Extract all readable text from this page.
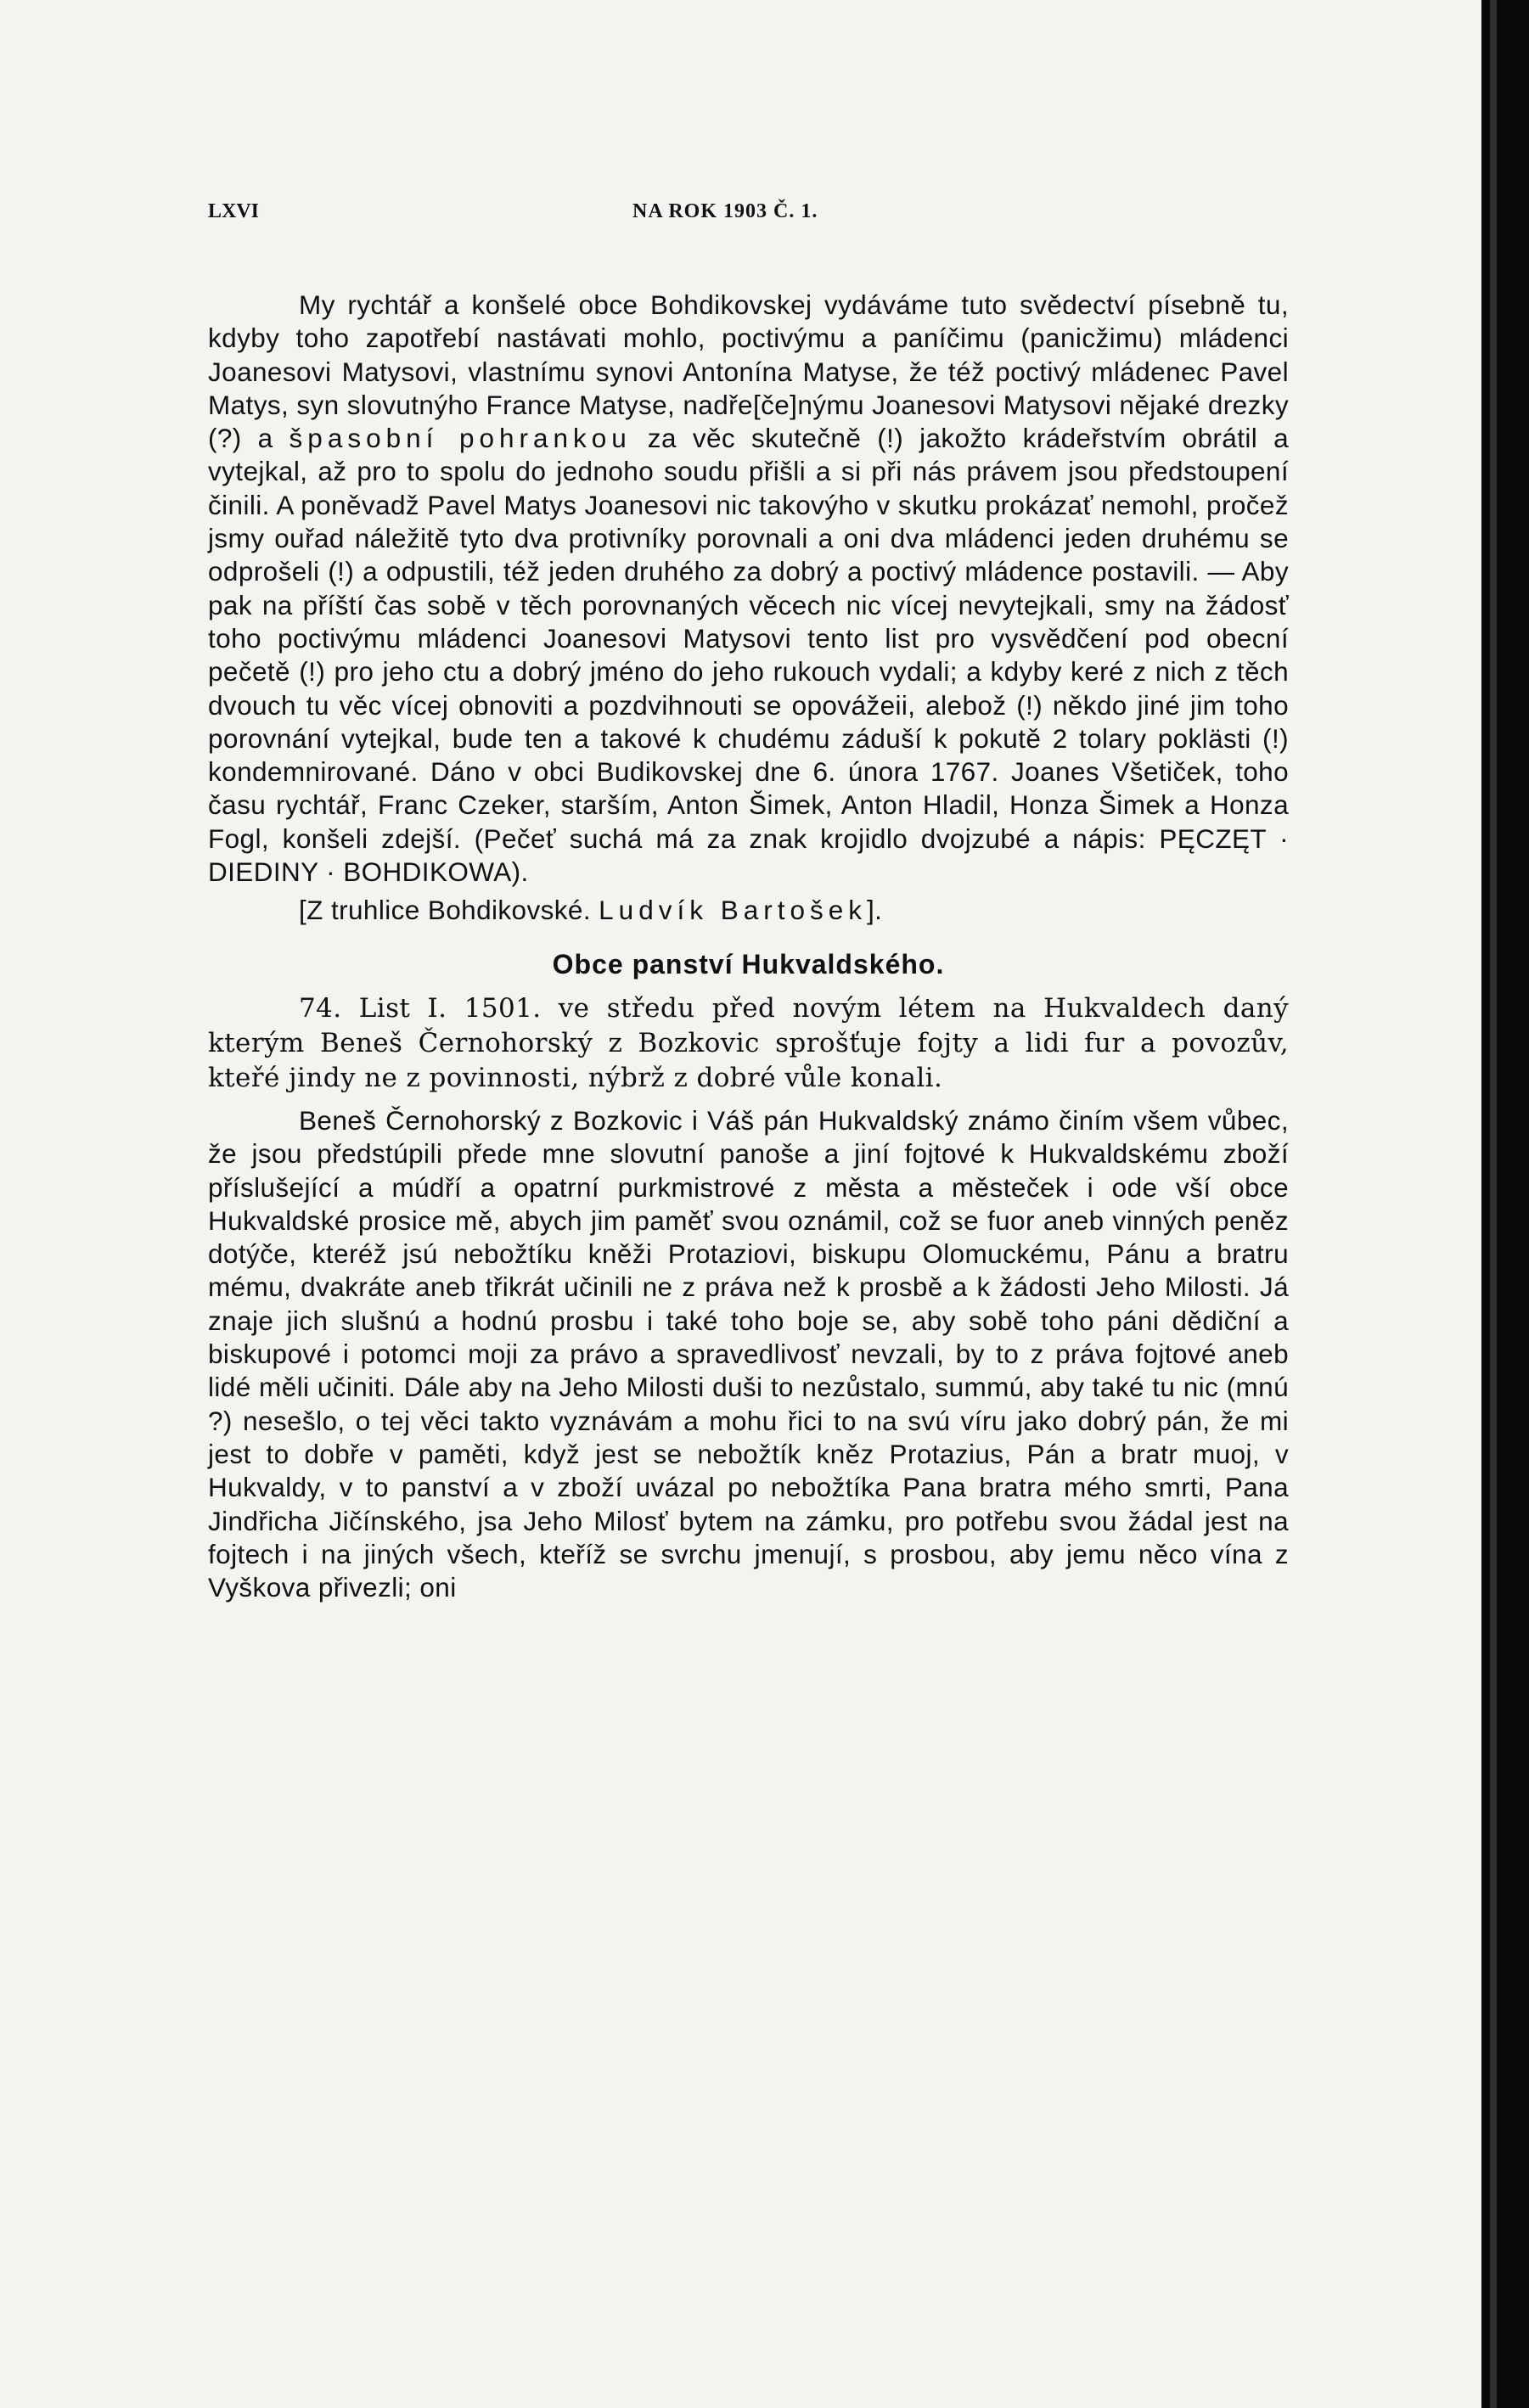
LXVI	NA ROK 1903 Č. 1.

My rychtář a konšelé obce Bohdikovskej vydáváme tuto svědectví písebně tu, kdyby toho zapotřebí nastávati mohlo, poctivýmu a paníčimu (panicžimu) mládenci Joanesovi Matysovi, vlastnímu synovi Antonína Matyse, že též poctivý mládenec Pavel Matys, syn slovutnýho France Matyse, nadře[če]nýmu Joanesovi Matysovi nějaké drezky (?) a špasobní pohrankou za věc skutečně (!) jakožto krádeřstvím obrátil a vytejkal, až pro to spolu do jednoho soudu přišli a si při nás právem jsou předstoupení činili. A poněvadž Pavel Matys Joanesovi nic takovýho v skutku prokázať nemohl, pročež jsmy ouřad náležitě tyto dva protivníky porovnali a oni dva mládenci jeden druhému se odprošeli (!) a odpustili, též jeden druhého za dobrý a poctivý mládence postavili. — Aby pak na příští čas sobě v těch porovnaných věcech nic vícej nevytejkali, smy na žádosť toho poctivýmu mládenci Joanesovi Matysovi tento list pro vysvědčení pod obecní pečetě (!) pro jeho ctu a dobrý jméno do jeho rukouch vydali; a kdyby keré z nich z těch dvouch tu věc vícej obnoviti a pozdvihnouti se opovážeii, alebož (!) někdo jiné jim toho porovnání vytejkal, bude ten a takové k chudému záduší k pokutě 2 tolary poklästi (!) kondemnirované. Dáno v obci Budikovskej dne 6. února 1767. Joanes Všetiček, toho času rychtář, Franc Czeker, starším, Anton Šimek, Anton Hladil, Honza Šimek a Honza Fogl, konšeli zdejší. (Pečeť suchá má za znak krojidlo dvojzubé a nápis: PĘCZĘT · DIEDINY · BOHDIKOWA).

[Z truhlice Bohdikovské. Ludvík Bartošek].

Obce panství Hukvaldského.

74. List I. 1501. ve středu před novým létem na Hukvaldech daný kterým Beneš Černohorský z Bozkovic sprošťuje fojty a lidi fur a povozův, kteřé jindy ne z povinnosti, nýbrž z dobré vůle konali.

Beneš Černohorský z Bozkovic i Váš pán Hukvaldský známo činím všem vůbec, že jsou předstúpili přede mne slovutní panoše a jiní fojtové k Hukvaldskému zboží příslušející a múdří a opatrní purkmistrové z města a městeček i ode vší obce Hukvaldské prosice mě, abych jim paměť svou oznámil, což se fuor aneb vinných peněz dotýče, kteréž jsú nebožtíku kněži Protaziovi, biskupu Olomuckému, Pánu a bratru mému, dvakráte aneb třikrát učinili ne z práva než k prosbě a k žádosti Jeho Milosti. Já znaje jich slušnú a hodnú prosbu i také toho boje se, aby sobě toho páni dědiční a biskupové i potomci moji za právo a spravedlivosť nevzali, by to z práva fojtové aneb lidé měli učiniti. Dále aby na Jeho Milosti duši to nezůstalo, summú, aby také tu nic (mnú ?) nesešlo, o tej věci takto vyznávám a mohu řici to na svú víru jako dobrý pán, že mi jest to dobře v paměti, když jest se nebožtík kněz Protazius, Pán a bratr muoj, v Hukvaldy, v to panství a v zboží uvázal po nebožtíka Pana bratra mého smrti, Pana Jindřicha Jičínského, jsa Jeho Milosť bytem na zámku, pro potřebu svou žádal jest na fojtech i na jiných všech, kteříž se svrchu jmenují, s prosbou, aby jemu něco vína z Vyškova přivezli; oni
